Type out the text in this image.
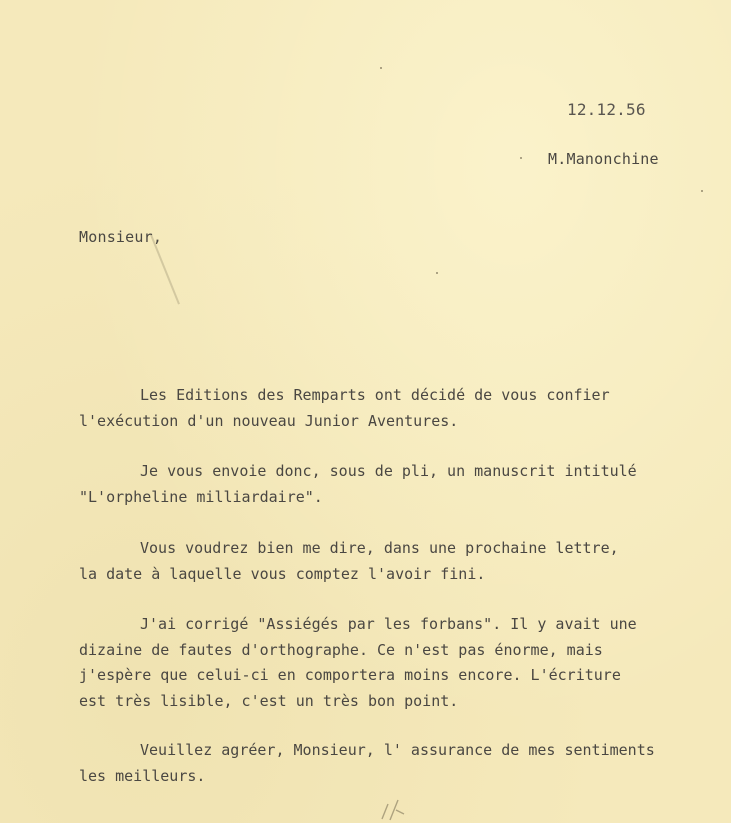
12.12.56

M.Manonchine

Monsieur,

Les Editions des Remparts ont décidé de vous confier
l'exécution d'un nouveau Junior Aventures.
Je vous envoie donc, sous de pli, un manuscrit intitulé
"L'orpheline milliardaire".
Vous voudrez bien me dire, dans une prochaine lettre,
la date à laquelle vous comptez l'avoir fini.
J'ai corrigé "Assiégés par les forbans". Il y avait une
dizaine de fautes d'orthographe. Ce n'est pas énorme, mais
j'espère que celui-ci en comportera moins encore. L'écriture
est très lisible, c'est un très bon point.
Veuillez agréer, Monsieur, l' assurance de mes sentiments
les meilleurs.
